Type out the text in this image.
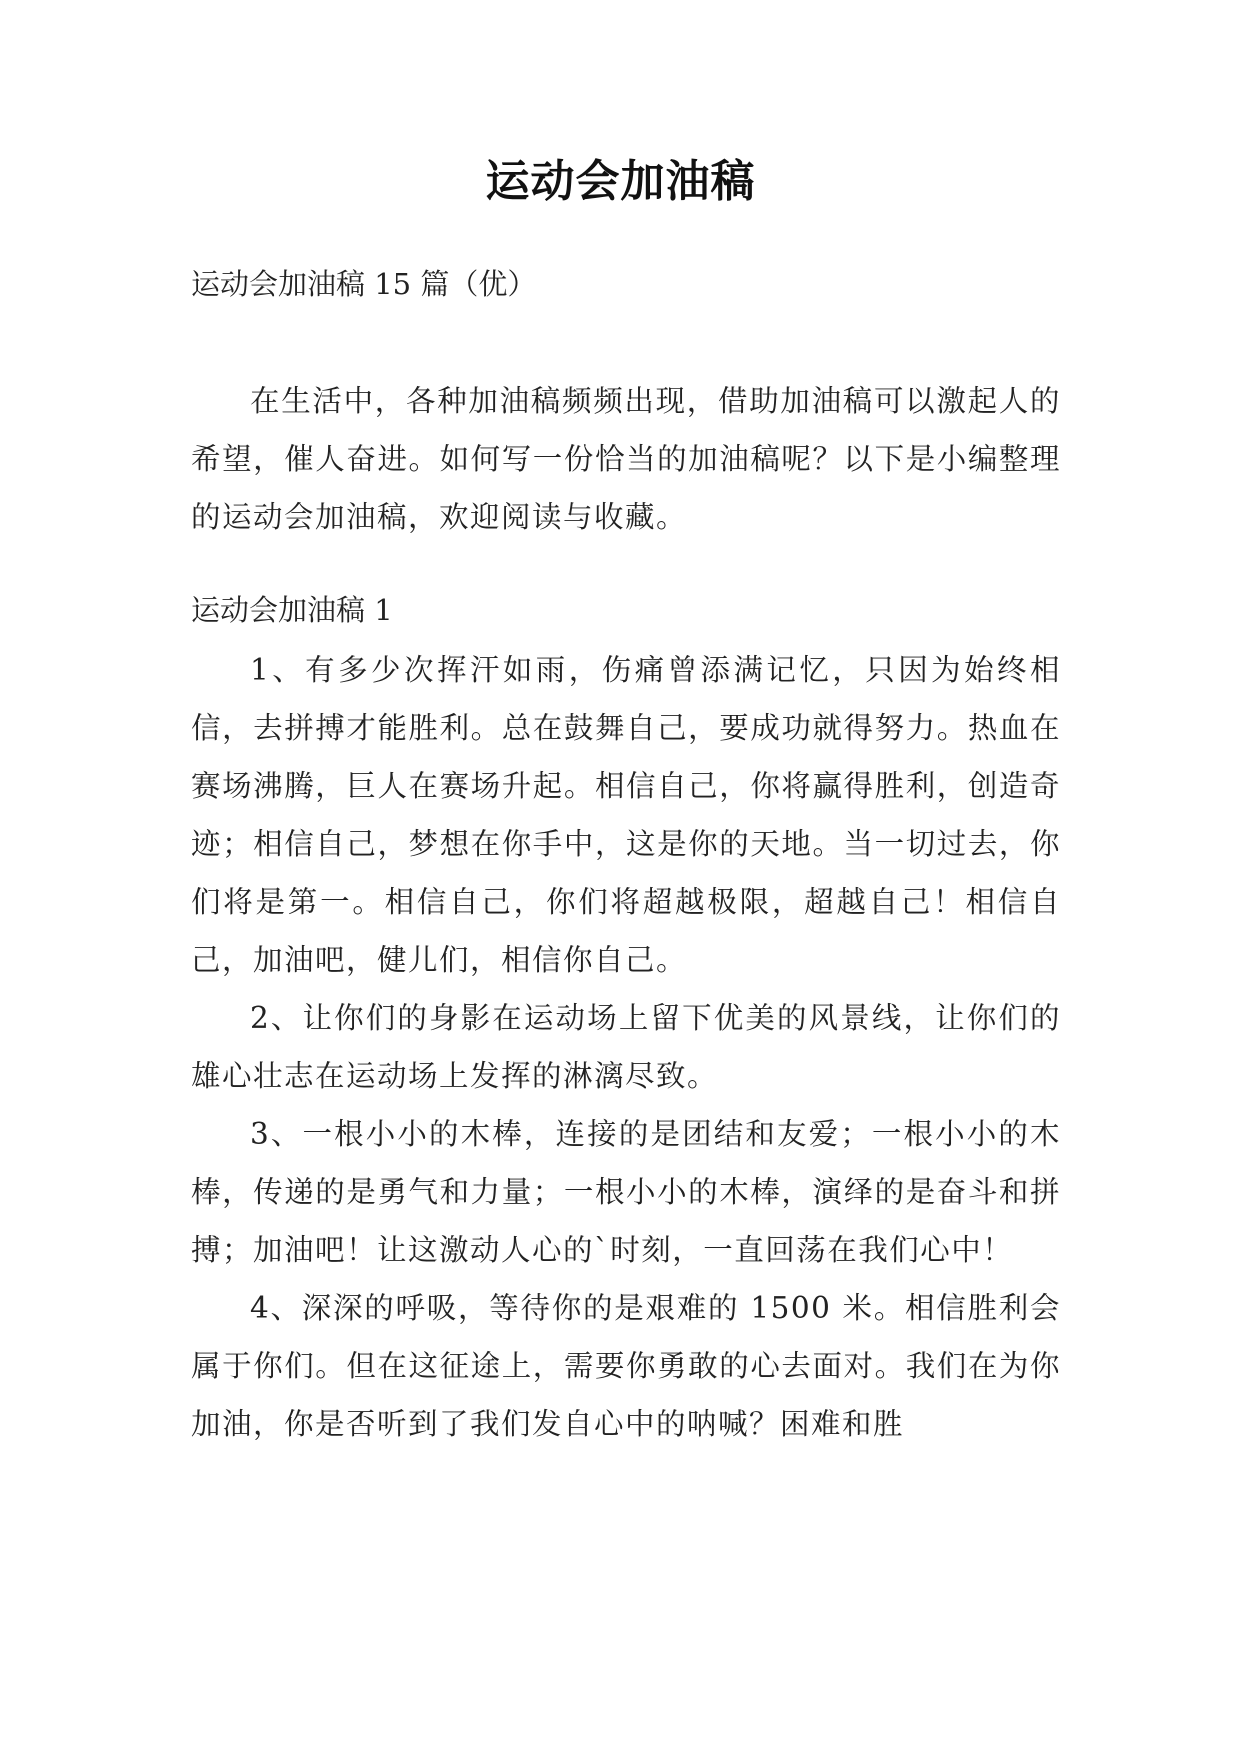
运动会加油稿

运动会加油稿 15 篇（优）

在生活中，各种加油稿频频出现，借助加油稿可以激起人的希望，催人奋进。如何写一份恰当的加油稿呢？以下是小编整理的运动会加油稿，欢迎阅读与收藏。

运动会加油稿 1

1、有多少次挥汗如雨，伤痛曾添满记忆，只因为始终相信，去拼搏才能胜利。总在鼓舞自己，要成功就得努力。热血在赛场沸腾，巨人在赛场升起。相信自己，你将赢得胜利，创造奇迹；相信自己，梦想在你手中，这是你的天地。当一切过去，你们将是第一。相信自己，你们将超越极限，超越自己！相信自己，加油吧，健儿们，相信你自己。

2、让你们的身影在运动场上留下优美的风景线，让你们的雄心壮志在运动场上发挥的淋漓尽致。

3、一根小小的木棒，连接的是团结和友爱；一根小小的木棒，传递的是勇气和力量；一根小小的木棒，演绎的是奋斗和拼搏；加油吧！让这激动人心的`时刻，一直回荡在我们心中！

4、深深的呼吸，等待你的是艰难的 1500 米。相信胜利会属于你们。但在这征途上，需要你勇敢的心去面对。我们在为你加油，你是否听到了我们发自心中的呐喊？困难和胜
